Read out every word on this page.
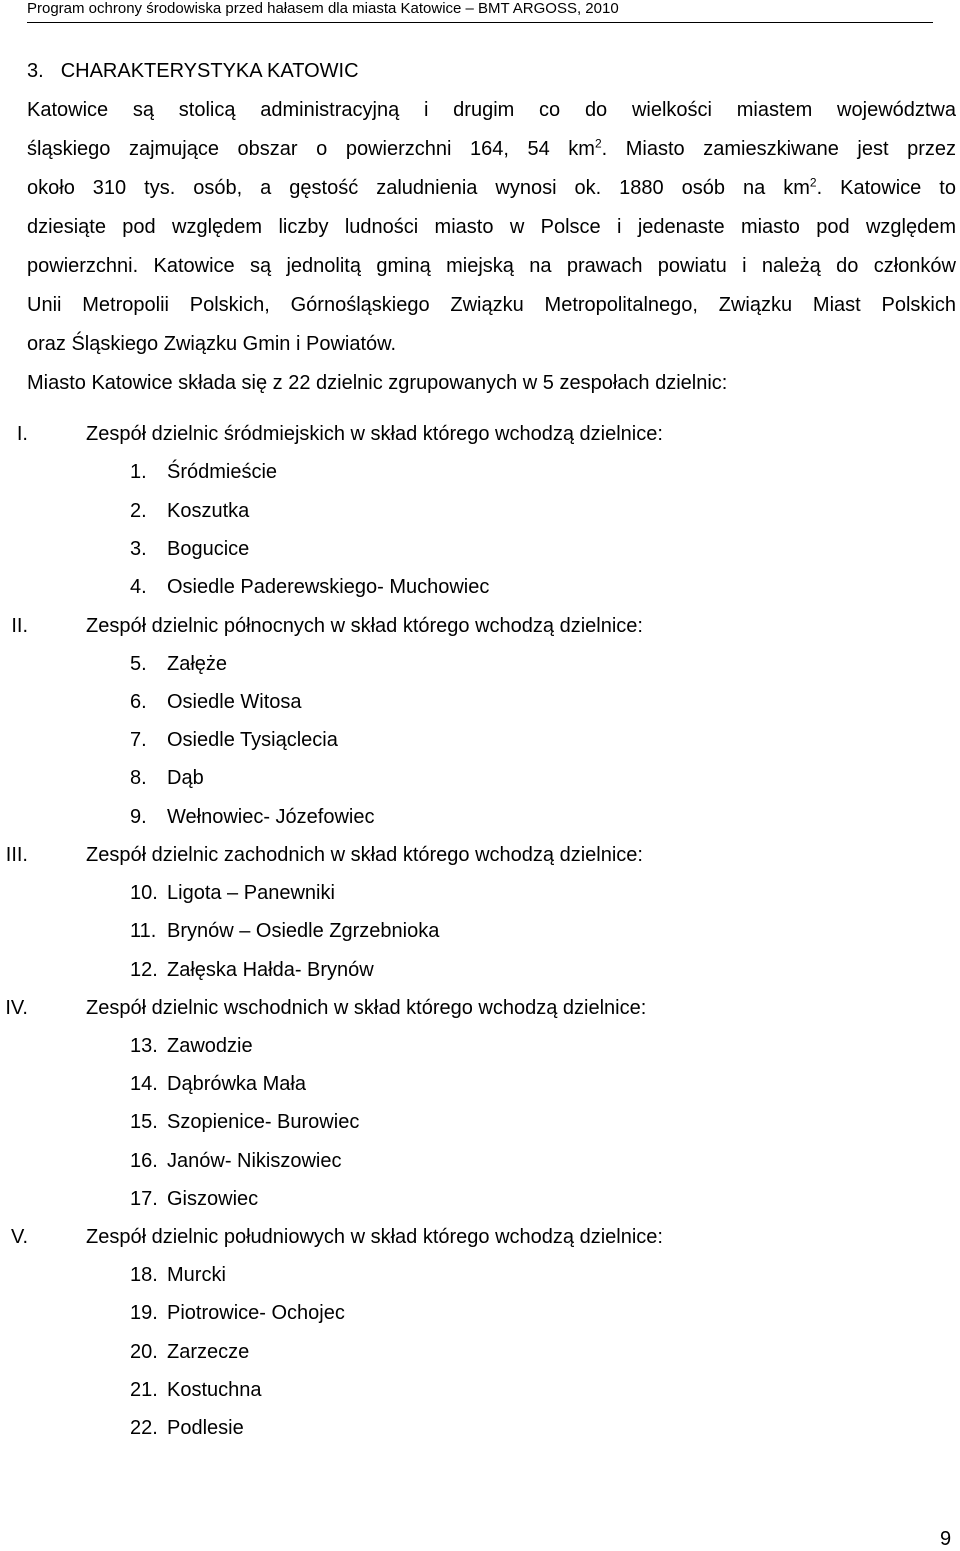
Program ochrony środowiska przed hałasem dla miasta Katowice – BMT ARGOSS, 2010
3. CHARAKTERYSTYKA KATOWIC

Katowice są stolicą administracyjną i drugim co do wielkości miastem województwa

śląskiego zajmujące obszar o powierzchni 164, 54 $km^2$. Miasto zamieszkiwane jest przez

około 310 tys. osób, a gęstość zaludnienia wynosi ok. 1880 osób na $km^2$. Katowice to

dziesiąte pod względem liczby ludności miasto w Polsce i jedenaste miasto pod względem

powierzchni. Katowice są jednolitą gminą miejską na prawach powiatu i należą do członków

Unii Metropolii Polskich, Górnośląskiego Związku Metropolitalnego, Związku Miast Polskich

oraz Śląskiego Związku Gmin i Powiatów.

Miasto Katowice składa się z 22 dzielnic zgrupowanych w 5 zespołach dzielnic:

I.	Zespół dzielnic śródmiejskich w skład którego wchodzą dzielnice:
1. Śródmieście
2. Koszutka
3. Bogucice
4. Osiedle Paderewskiego- Muchowiec
II.	Zespół dzielnic północnych w skład którego wchodzą dzielnice:
5. Załęże
6. Osiedle Witosa
7. Osiedle Tysiąclecia
8. Dąb
9. Wełnowiec- Józefowiec
III.	Zespół dzielnic zachodnich w skład którego wchodzą dzielnice:
10. Ligota – Panewniki
11. Brynów – Osiedle Zgrzebnioka
12. Załęska Hałda- Brynów
IV.	Zespół dzielnic wschodnich w skład którego wchodzą dzielnice:
13. Zawodzie
14. Dąbrówka Mała
15. Szopienice- Burowiec
16. Janów- Nikiszowiec
17. Giszowiec
V.	Zespół dzielnic południowych w skład którego wchodzą dzielnice:
18. Murcki
19. Piotrowice- Ochojec
20. Zarzecze
21. Kostuchna
22. Podlesie
9
